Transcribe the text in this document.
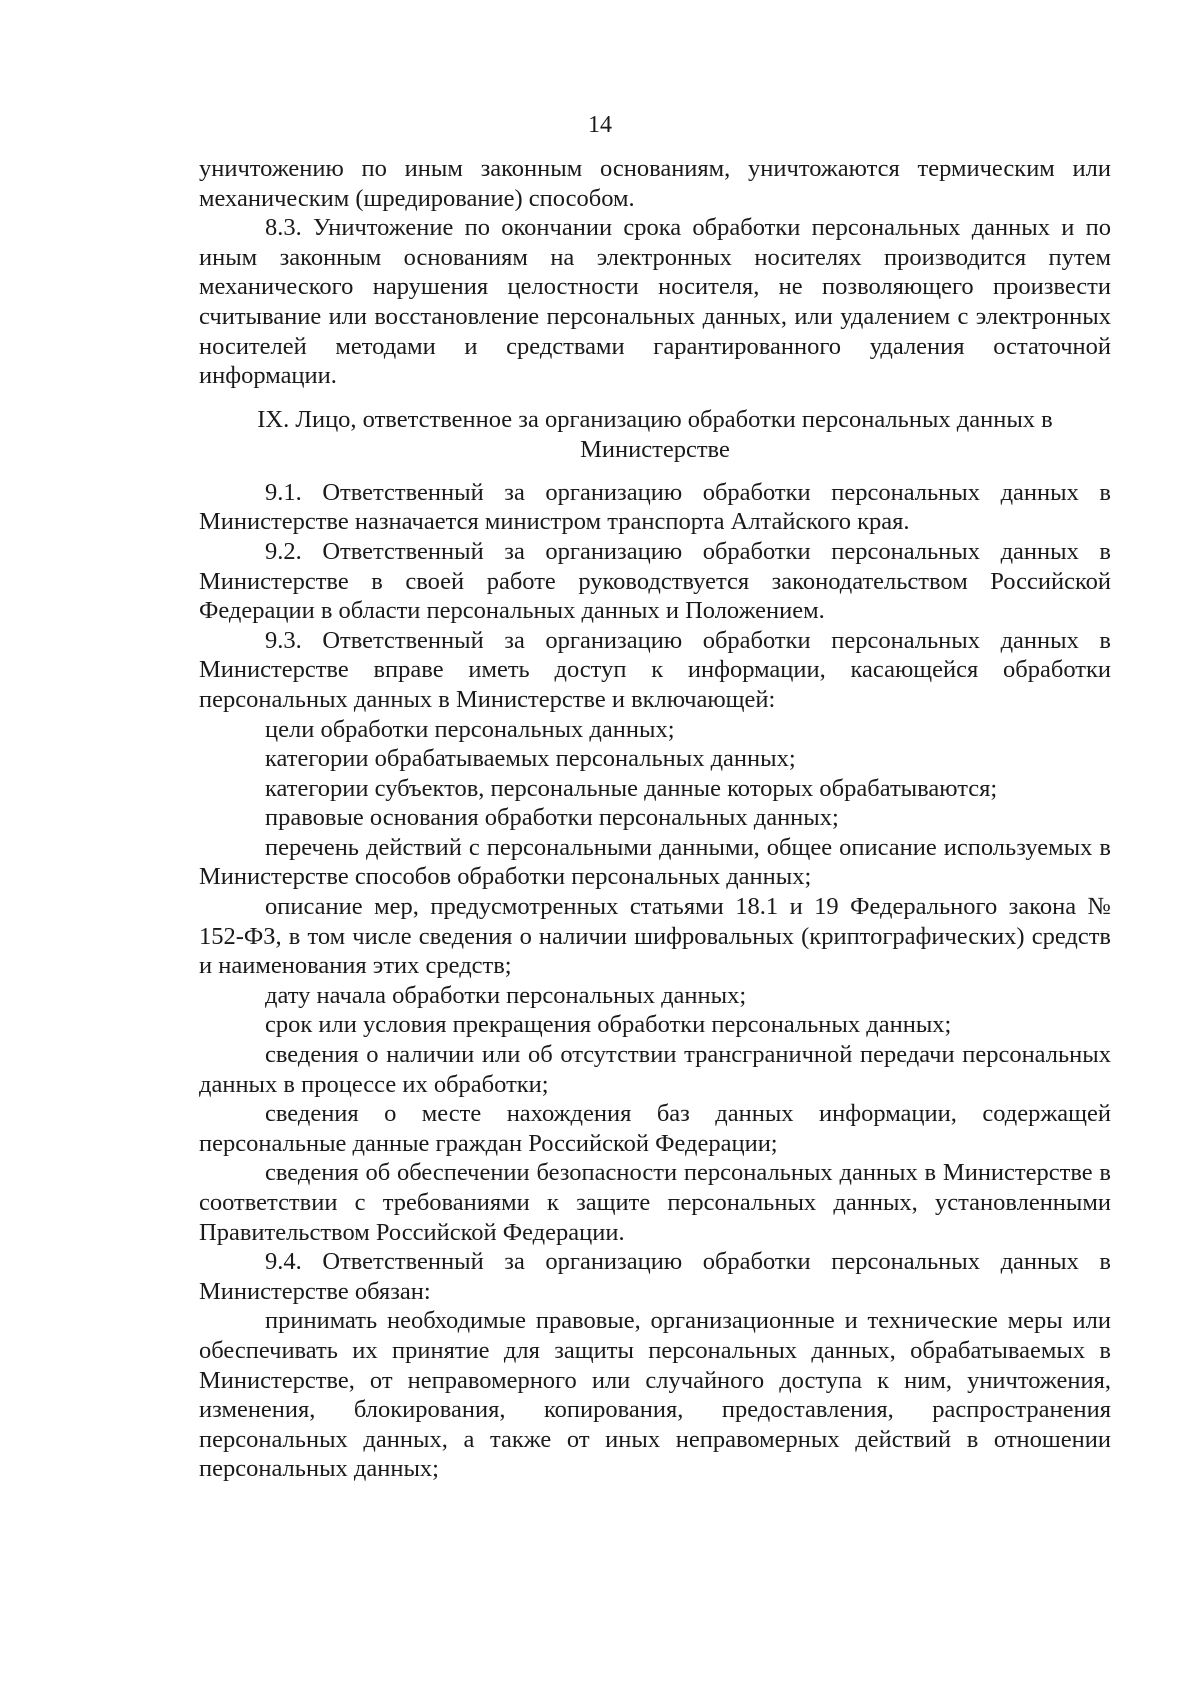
14

уничтожению по иным законным основаниям, уничтожаются термическим или механическим (шредирование) способом.

8.3. Уничтожение по окончании срока обработки персональных данных и по иным законным основаниям на электронных носителях производится путем механического нарушения целостности носителя, не позволяющего произвести считывание или восстановление персональных данных, или удалением с электронных носителей методами и средствами гарантированного удаления остаточной информации.

IX. Лицо, ответственное за организацию обработки персональных данных в Министерстве

9.1. Ответственный за организацию обработки персональных данных в Министерстве назначается министром транспорта Алтайского края.

9.2. Ответственный за организацию обработки персональных данных в Министерстве в своей работе руководствуется законодательством Российской Федерации в области персональных данных и Положением.

9.3. Ответственный за организацию обработки персональных данных в Министерстве вправе иметь доступ к информации, касающейся обработки персональных данных в Министерстве и включающей:

цели обработки персональных данных;

категории обрабатываемых персональных данных;

категории субъектов, персональные данные которых обрабатываются;

правовые основания обработки персональных данных;

перечень действий с персональными данными, общее описание используемых в Министерстве способов обработки персональных данных;

описание мер, предусмотренных статьями 18.1 и 19 Федерального закона № 152-ФЗ, в том числе сведения о наличии шифровальных (криптографических) средств и наименования этих средств;

дату начала обработки персональных данных;

срок или условия прекращения обработки персональных данных;

сведения о наличии или об отсутствии трансграничной передачи персональных данных в процессе их обработки;

сведения о месте нахождения баз данных информации, содержащей персональные данные граждан Российской Федерации;

сведения об обеспечении безопасности персональных данных в Министерстве в соответствии с требованиями к защите персональных данных, установленными Правительством Российской Федерации.

9.4. Ответственный за организацию обработки персональных данных в Министерстве обязан:

принимать необходимые правовые, организационные и технические меры или обеспечивать их принятие для защиты персональных данных, обрабатываемых в Министерстве, от неправомерного или случайного доступа к ним, уничтожения, изменения, блокирования, копирования, предоставления, распространения персональных данных, а также от иных неправомерных действий в отношении персональных данных;
